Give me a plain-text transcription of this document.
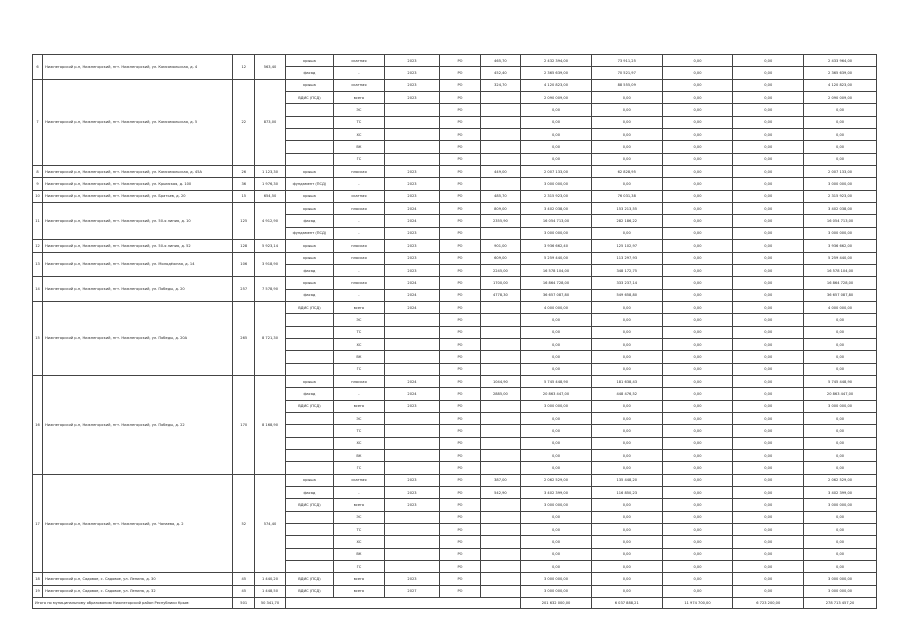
6	Нижнегорский р-н, Нижнегорский, пгт. Нижнегорский, ул. Комсомольская, д. 4	12	563,40	крыша	скатная	2023	РО	465,70	2 432 394,00	73 911,25	0,00	0,00	2 433 964,00
				фасад	-	2023	РО	452,40	2 365 639,00	70 521,97	0,00	0,00	2 365 639,00
7	Нижнегорский р-н, Нижнегорский, пгт. Нижнегорский, ул. Комсомольская, д. 5	22	873,00	крыша	скатная	2023	РО	324,70	4 120 823,00	88 555,09	0,00	0,00	4 120 823,00
				ВДИС (ПСД)	всего	2023	РО		2 090 009,00	0,00	0,00	0,00	2 090 009,00
					ЭС		РО		0,00	0,00	0,00	0,00	0,00
					ТС		РО		0,00	0,00	0,00	0,00	0,00
					ХС		РО		0,00	0,00	0,00	0,00	0,00
					ВК		РО		0,00	0,00	0,00	0,00	0,00
					ГС		РО		0,00	0,00	0,00	0,00	0,00
8	Нижнегорский р-н, Нижнегорский, пгт. Нижнегорский, ул. Комсомольская, д. 45А	26	1 123,30	крыша	плоская	2023	РО	449,00	2 007 133,00	62 828,95	0,00	0,00	2 007 133,00
9	Нижнегорский р-н, Нижнегорский, пгт. Нижнегорский, ул. Крымская, д. 100	36	1 976,30	фундамент (ПСД)	-	2023	РО		3 000 000,00	0,00	0,00	0,00	3 000 000,00
10	Нижнегорский р-н, Нижнегорский, пгт. Нижнегорский, ул. Братьев, д. 20	15	654,50	крыша	скатная	2023	РО	485,70	2 315 923,00	76 031,38	0,00	0,00	2 315 923,00
11	Нижнегорский р-н, Нижнегорский, пгт. Нижнегорский, ул. 50-я линия, д. 10	125	4 912,90	крыша	плоская	2024	РО	809,00	3 402 038,00	153 213,55	0,00	0,00	3 402 038,00
				фасад	-	2024	РО	2355,90	16 054 713,00	282 186,22	0,00	0,00	16 054 713,00
				фундамент (ПСД)	-	2023	РО		3 000 000,00	0,00	0,00	0,00	3 000 000,00
12	Нижнегорский р-н, Нижнегорский, пгт. Нижнегорский, ул. 50-я линия, д. 52	128	5 923,14	крыша	плоская	2023	РО	901,00	3 936 662,40	125 102,97	0,00	0,00	3 936 662,00
13	Нижнегорский р-н, Нижнегорский, пгт. Нижнегорский, ул. Молодёжная, д. 14	106	3 918,90	крыша	плоская	2023	РО	609,00	5 259 440,00	113 297,93	0,00	0,00	5 259 440,00
				фасад	-	2023	РО	2245,00	16 578 104,00	348 172,75	0,00	0,00	16 578 104,00
14	Нижнегорский р-н, Нижнегорский, пгт. Нижнегорский, ул. Победы, д. 20	257	7 578,90	крыша	плоская	2024	РО	1700,00	16 864 728,00	333 237,14	0,00	0,00	16 864 728,00
				фасад	-	2024	РО	4778,30	36 657 087,80	549 658,80	0,00	0,00	36 657 087,80
15	Нижнегорский р-н, Нижнегорский, пгт. Нижнегорский, ул. Победы, д. 20А	265	8 721,30	ВДИС (ПСД)	всего	2024	РО		4 000 000,00	0,00	0,00	0,00	4 000 000,00
					ЭС		РО		0,00	0,00	0,00	0,00	0,00
					ТС		РО		0,00	0,00	0,00	0,00	0,00
					ХС		РО		0,00	0,00	0,00	0,00	0,00
					ВК		РО		0,00	0,00	0,00	0,00	0,00
					ГС		РО		0,00	0,00	0,00	0,00	0,00
16	Нижнегорский р-н, Нижнегорский, пгт. Нижнегорский, ул. Победы, д. 22	170	8 168,90	крыша	плоская	2024	РО	1044,90	5 745 448,90	181 638,43	0,00	0,00	5 745 448,90
				фасад	-	2024	РО	2885,00	20 863 447,00	448 476,52	0,00	0,00	20 863 447,00
				ВДИС (ПСД)	всего	2023	РО		3 000 000,00	0,00	0,00	0,00	3 000 000,00
					ЭС		РО		0,00	0,00	0,00	0,00	0,00
					ТС		РО		0,00	0,00	0,00	0,00	0,00
					ХС		РО		0,00	0,00	0,00	0,00	0,00
					ВК		РО		0,00	0,00	0,00	0,00	0,00
					ГС		РО		0,00	0,00	0,00	0,00	0,00
17	Нижнегорский р-н, Нижнегорский, пгт. Нижнегорский, ул. Чапаева, д. 2	52	574,40	крыша	скатная	2023	РО	387,00	2 062 529,00	135 448,20	0,00	0,00	2 062 529,00
				фасад	-	2023	РО	542,90	3 402 399,00	116 850,23	0,00	0,00	3 402 399,00
				ВДИС (ПСД)	всего	2023	РО		3 000 000,00	0,00	0,00	0,00	3 000 000,00
					ЭС		РО		0,00	0,00	0,00	0,00	0,00
					ТС		РО		0,00	0,00	0,00	0,00	0,00
					ХС		РО		0,00	0,00	0,00	0,00	0,00
					ВК		РО		0,00	0,00	0,00	0,00	0,00
					ГС		РО		0,00	0,00	0,00	0,00	0,00
18	Нижнегорский р-н, Садовое, с. Садовое, ул. Ленина, д. 30	45	1 440,20	ВДИС (ПСД)	всего	2023	РО		3 000 000,00	0,00	0,00	0,00	3 000 000,00
19	Нижнегорский р-н, Садовое, с. Садовое, ул. Ленина, д. 32	45	1 448,50	ВДИС (ПСД)	всего	2027	РО		3 000 000,00	0,00	0,00	0,00	3 000 000,00
Итого по муниципальному образованию Нижнегорский район Республики Крым:		501	50 341,70						201 632 000,00	6 037 888,21	11 974 700,00	6 723 200,00	278 713 457,20
